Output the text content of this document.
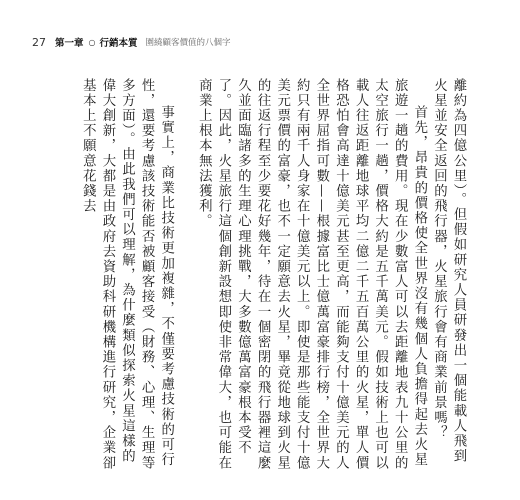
27 第一章 ○ 行銷本質 圍繞顧客價值的八個字

離約為四億公里）。但假如研究人員研發出一個能載人飛到火星並安全返回的飛行器，火星旅行會有商業前景嗎？

首先，昂貴的價格使全世界沒有幾個人負擔得起去火星旅遊一趟的費用。現在少數富人可以去距離地表九十公里的太空旅行一趟，價格大約是五千萬美元。假如技術上也可以載人往返距離地球平均二億二千五百萬公里的火星，單人價格恐怕會高達十億美元甚至更高，而能夠支付十億美元的人全世界屈指可數——根據富比士億萬富豪排行榜，全世界大約只有兩千人身家在十億美元以上。即使是那些能支付十億美元票價的富豪，也不一定願意去火星，畢竟從地球到火星的往返行程至少要花好幾年，待在一個密閉的飛行器裡這麼久並面臨諸多的生理心理挑戰，大多數億萬富豪根本受不了。因此，火星旅行這個創新設想即使非常偉大，也可能在商業上根本無法獲利。

事實上，商業比技術更加複雜，不僅要考慮技術的可行性，還要考慮該技術能否被顧客接受（財務、心理、生理等多方面）。由此我們可以理解，為什麼類似探索火星這樣的偉大創新，大都是由政府去資助科研機構進行研究，企業卻基本上不願意花錢去
